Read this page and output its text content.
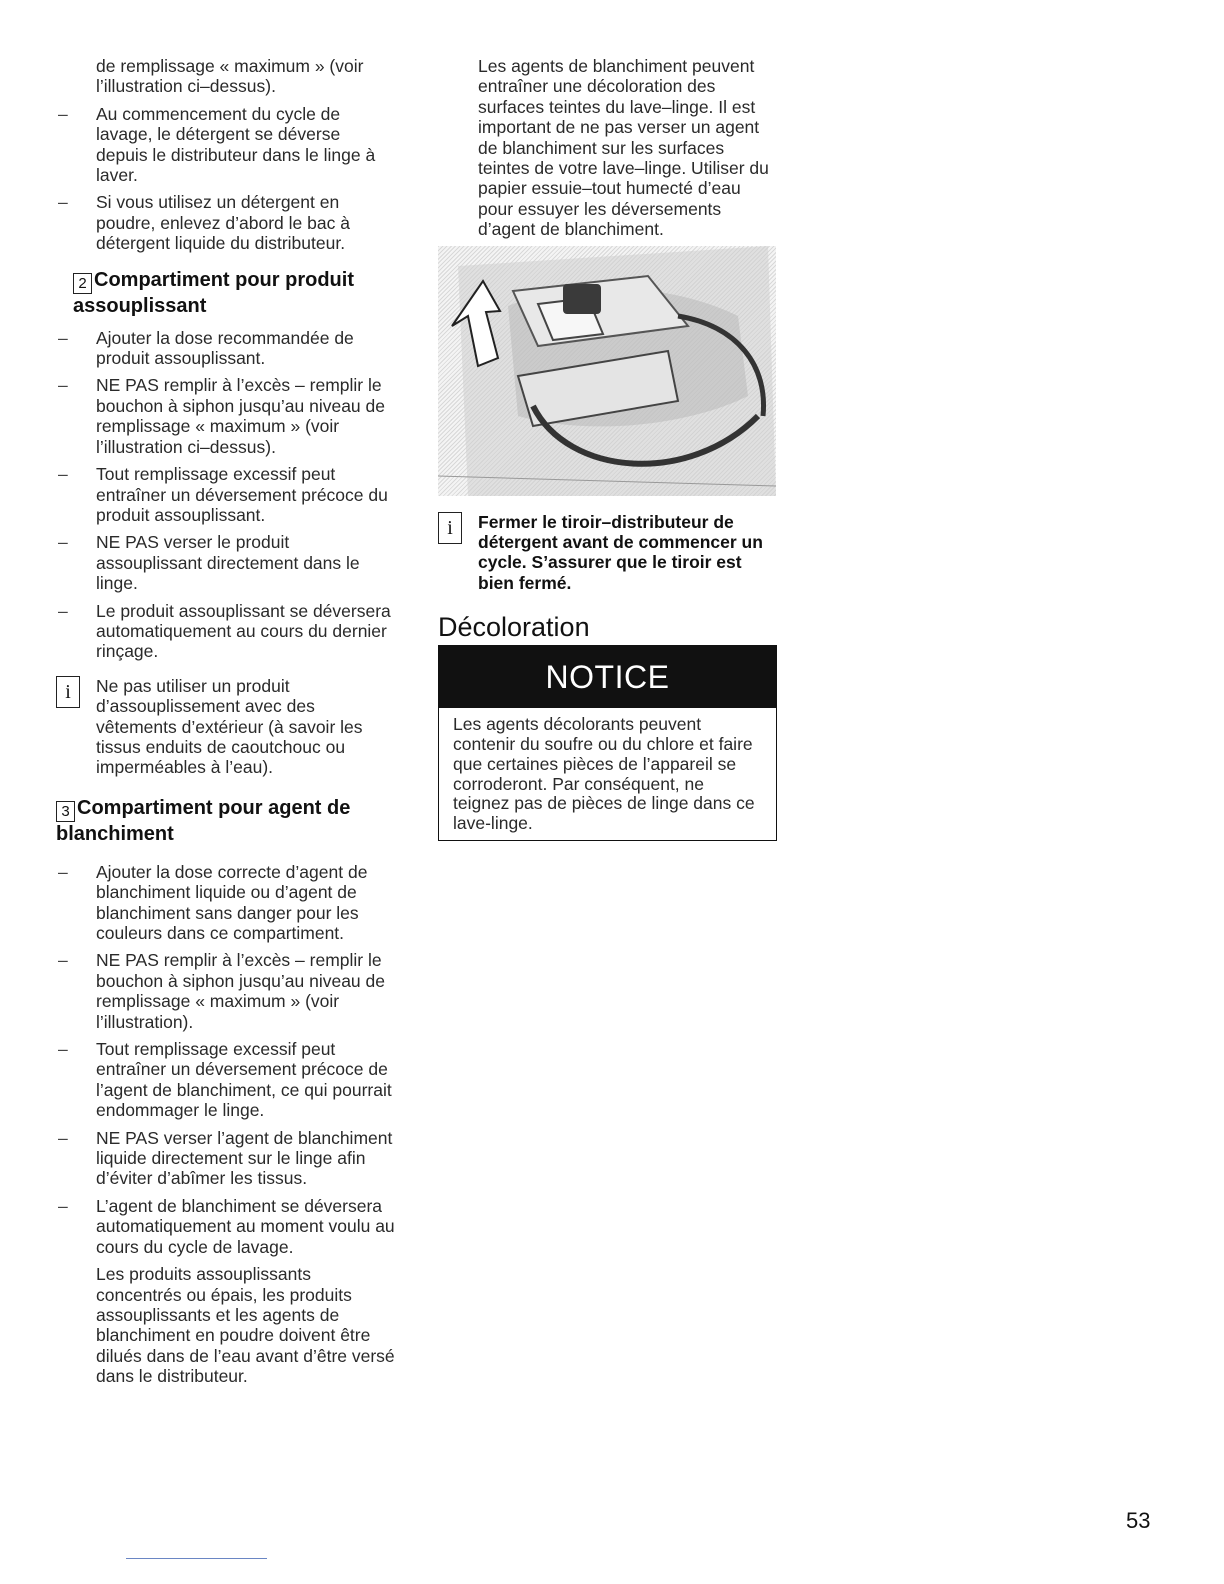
de remplissage « maximum » (voir l’illustration ci–dessus).
– Au commencement du cycle de lavage, le détergent se déverse depuis le distributeur dans le linge à laver.
– Si vous utilisez un détergent en poudre, enlevez d’abord le bac à détergent liquide du distributeur.
2 Compartiment pour produit
assouplissant
– Ajouter la dose recommandée de produit assouplissant.
– NE PAS remplir à l’excès – remplir le bouchon à siphon jusqu’au niveau de remplissage « maximum » (voir l’illustration ci–dessus).
– Tout remplissage excessif peut entraîner un déversement précoce du produit assouplissant.
– NE PAS verser le produit assouplissant directement dans le linge.
– Le produit assouplissant se déversera automatiquement au cours du dernier rinçage.
i	Ne pas utiliser un produit d’assouplissement avec des vêtements d’extérieur (à savoir les tissus enduits de caoutchouc ou imperméables à l’eau).
3 Compartiment pour agent de
blanchiment
– Ajouter la dose correcte d’agent de blanchiment liquide ou d’agent de blanchiment sans danger pour les couleurs dans ce compartiment.
– NE PAS remplir à l’excès – remplir le bouchon à siphon jusqu’au niveau de remplissage « maximum » (voir l’illustration).
– Tout remplissage excessif peut entraîner un déversement précoce de l’agent de blanchiment, ce qui pourrait endommager le linge.
– NE PAS verser l’agent de blanchiment liquide directement sur le linge afin d’éviter d’abîmer les tissus.
– L’agent de blanchiment se déversera automatiquement au moment voulu au cours du cycle de lavage.
Les produits assouplissants concentrés ou épais, les produits assouplissants et les agents de blanchiment en poudre doivent être dilués dans de l’eau avant d’être versé dans le distributeur.
Les agents de blanchiment peuvent entraîner une décoloration des surfaces teintes du lave–linge. Il est important de ne pas verser un agent de blanchiment sur les surfaces teintes de votre lave–linge. Utiliser du papier essuie–tout humecté d’eau pour essuyer les déversements d’agent de blanchiment.
i	Fermer le tiroir–distributeur de détergent avant de commencer un cycle. S’assurer que le tiroir est bien fermé.
Décoloration
NOTICE
Les agents décolorants peuvent contenir du soufre ou du chlore et faire que certaines pièces de l’appareil se corroderont. Par conséquent, ne teignez pas de pièces de linge dans ce lave-linge.
53
